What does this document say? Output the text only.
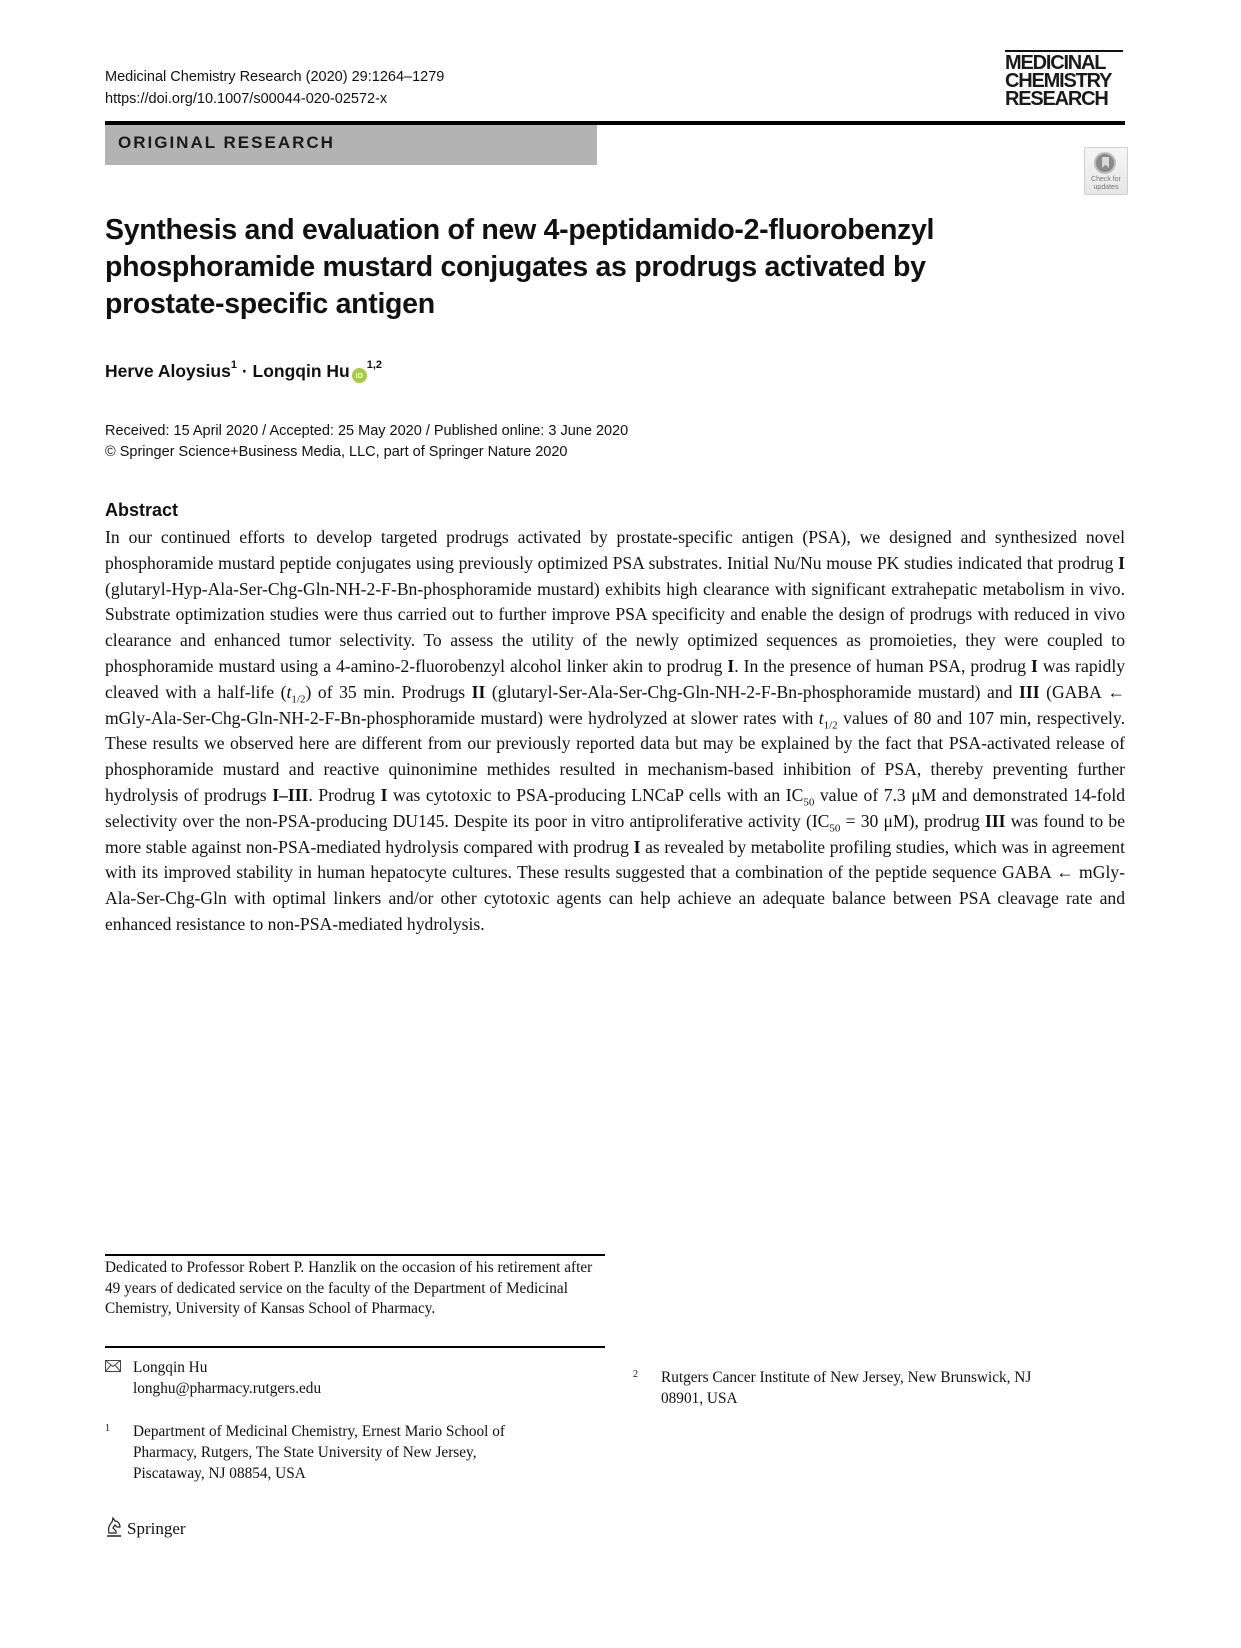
Medicinal Chemistry Research (2020) 29:1264–1279
https://doi.org/10.1007/s00044-020-02572-x
MEDICINAL
CHEMISTRY
RESEARCH
ORIGINAL RESEARCH
Check for
updates
Synthesis and evaluation of new 4-peptidamido-2-fluorobenzyl phosphoramide mustard conjugates as prodrugs activated by prostate-specific antigen
Herve Aloysius$^1$ · Longqin Hu iD$^{1,2}$
Received: 15 April 2020 / Accepted: 25 May 2020 / Published online: 3 June 2020
© Springer Science+Business Media, LLC, part of Springer Nature 2020
Abstract
In our continued efforts to develop targeted prodrugs activated by prostate-specific antigen (PSA), we designed and synthesized novel phosphoramide mustard peptide conjugates using previously optimized PSA substrates. Initial Nu/Nu mouse PK studies indicated that prodrug I (glutaryl-Hyp-Ala-Ser-Chg-Gln-NH-2-F-Bn-phosphoramide mustard) exhibits high clearance with significant extrahepatic metabolism in vivo. Substrate optimization studies were thus carried out to further improve PSA specificity and enable the design of prodrugs with reduced in vivo clearance and enhanced tumor selectivity. To assess the utility of the newly optimized sequences as promoieties, they were coupled to phosphoramide mustard using a 4-amino-2-fluorobenzyl alcohol linker akin to prodrug I. In the presence of human PSA, prodrug I was rapidly cleaved with a half-life $(t_{1/2})$ of 35 min. Prodrugs II (glutaryl-Ser-Ala-Ser-Chg-Gln-NH-2-F-Bn-phosphoramide mustard) and III (GABA ← mGly-Ala-Ser-Chg-Gln-NH-2-F-Bn-phosphoramide mustard) were hydrolyzed at slower rates with $t_{1/2}$ values of 80 and 107 min, respectively. These results we observed here are different from our previously reported data but may be explained by the fact that PSA-activated release of phosphoramide mustard and reactive quinonimine methides resulted in mechanism-based inhibition of PSA, thereby preventing further hydrolysis of prodrugs I–III. Prodrug I was cytotoxic to PSA-producing LNCaP cells with an $IC_{50}$ value of 7.3 μM and demonstrated 14-fold selectivity over the non-PSA-producing DU145. Despite its poor in vitro antiproliferative activity ($IC_{50} = 30$ μM), prodrug III was found to be more stable against non-PSA-mediated hydrolysis compared with prodrug I as revealed by metabolite profiling studies, which was in agreement with its improved stability in human hepatocyte cultures. These results suggested that a combination of the peptide sequence GABA ← mGly-Ala-Ser-Chg-Gln with optimal linkers and/or other cytotoxic agents can help achieve an adequate balance between PSA cleavage rate and enhanced resistance to non-PSA-mediated hydrolysis.
Dedicated to Professor Robert P. Hanzlik on the occasion of his retirement after 49 years of dedicated service on the faculty of the Department of Medicinal Chemistry, University of Kansas School of Pharmacy.
Longqin Hu
longhu@pharmacy.rutgers.edu
1 Department of Medicinal Chemistry, Ernest Mario School of
Pharmacy, Rutgers, The State University of New Jersey,
Piscataway, NJ 08854, USA
2 Rutgers Cancer Institute of New Jersey, New Brunswick, NJ
08901, USA
Springer
